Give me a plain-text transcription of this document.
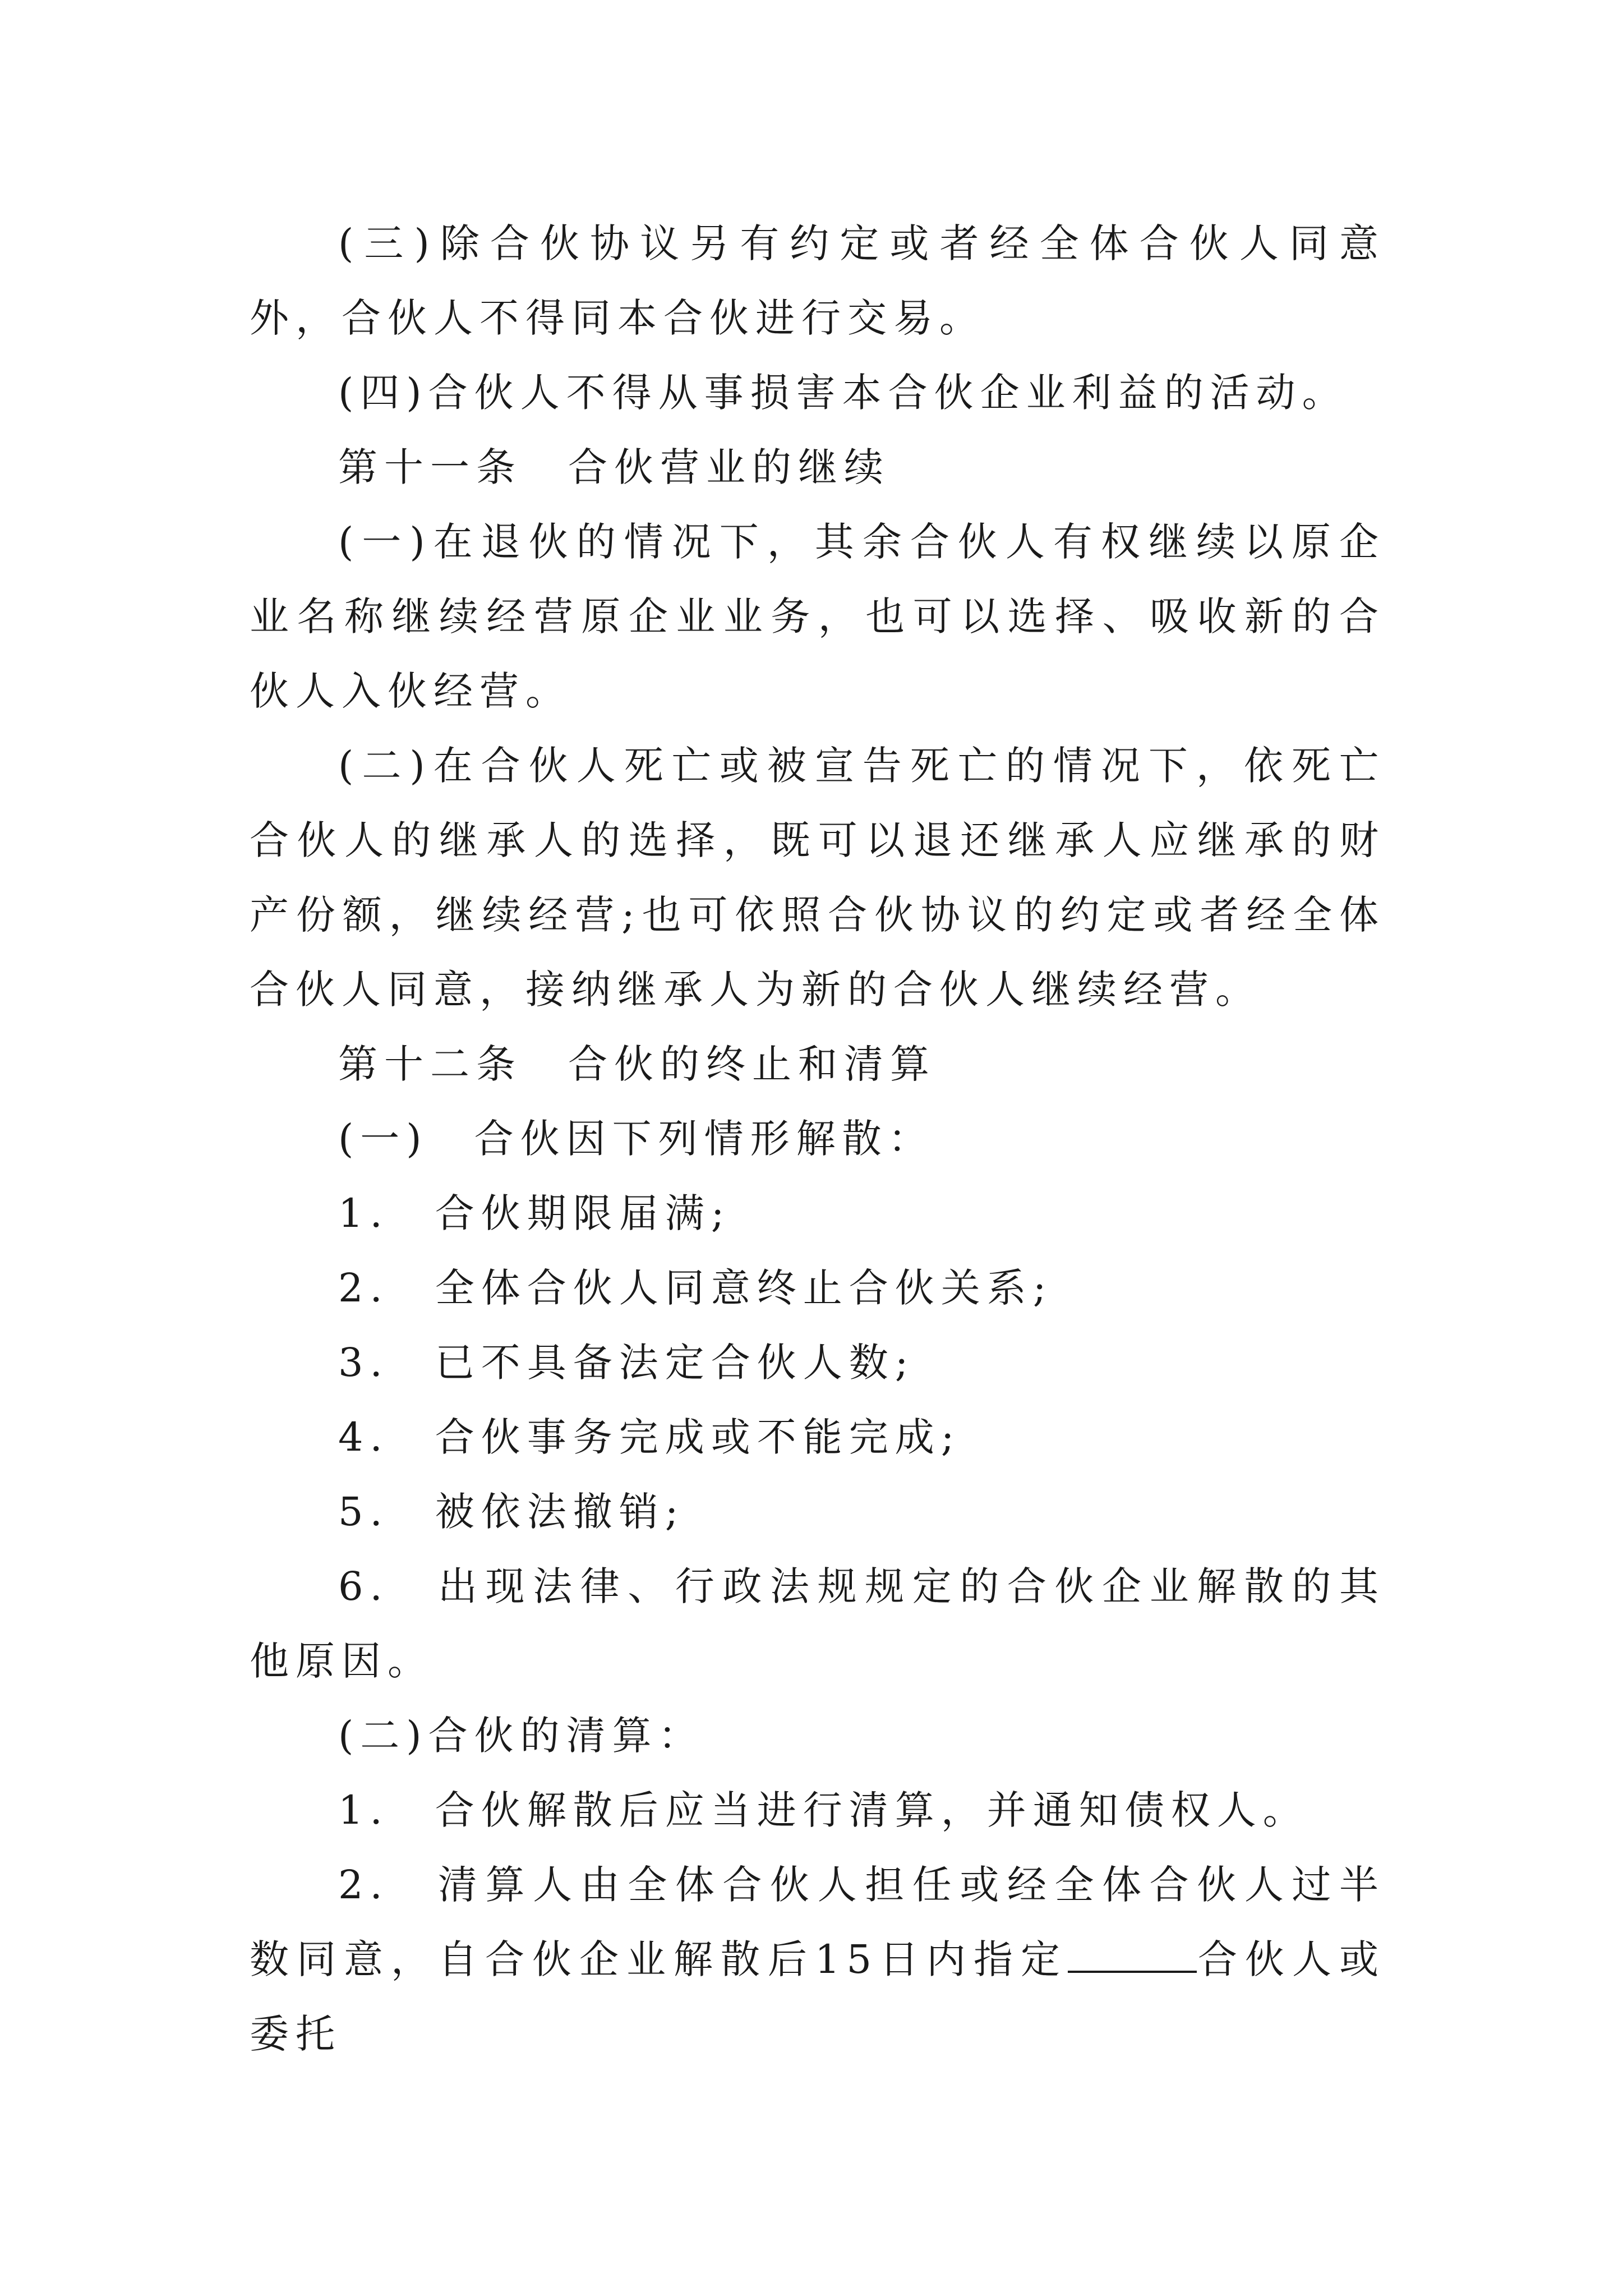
(三)除合伙协议另有约定或者经全体合伙人同意外，合伙人不得同本合伙进行交易。

(四)合伙人不得从事损害本合伙企业利益的活动。

第十一条　合伙营业的继续

(一)在退伙的情况下，其余合伙人有权继续以原企业名称继续经营原企业业务，也可以选择、吸收新的合伙人入伙经营。

(二)在合伙人死亡或被宣告死亡的情况下，依死亡合伙人的继承人的选择，既可以退还继承人应继承的财产份额，继续经营;也可依照合伙协议的约定或者经全体合伙人同意，接纳继承人为新的合伙人继续经营。

第十二条　合伙的终止和清算

(一)　合伙因下列情形解散：

1.　合伙期限届满;

2.　全体合伙人同意终止合伙关系;

3.　已不具备法定合伙人数;

4.　合伙事务完成或不能完成;

5.　被依法撤销;

6.　出现法律、行政法规规定的合伙企业解散的其他原因。

(二)合伙的清算：

1.　合伙解散后应当进行清算，并通知债权人。

2.　清算人由全体合伙人担任或经全体合伙人过半数同意，自合伙企业解散后15日内指定	合伙人或委托
